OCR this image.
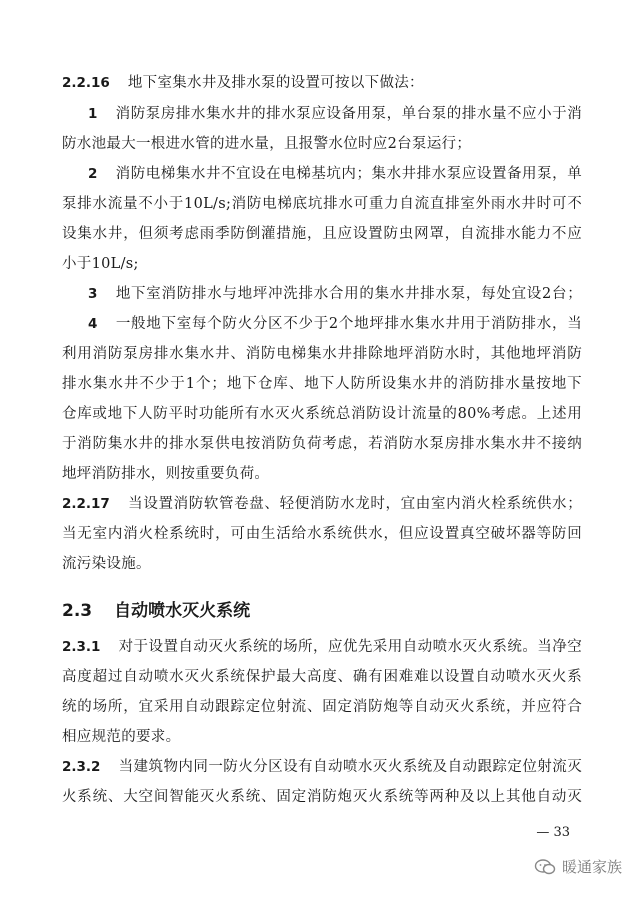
2.2.16 地下室集水井及排水泵的设置可按以下做法：
1 消防泵房排水集水井的排水泵应设备用泵，单台泵的排水量不应小于消
防水池最大一根进水管的进水量，且报警水位时应2台泵运行；
2 消防电梯集水井不宜设在电梯基坑内；集水井排水泵应设置备用泵，单
泵排水流量不小于10L/s;消防电梯底坑排水可重力自流直排室外雨水井时可不
设集水井，但须考虑雨季防倒灌措施，且应设置防虫网罩，自流排水能力不应
小于10L/s;
3 地下室消防排水与地坪冲洗排水合用的集水井排水泵，每处宜设2台；
4 一般地下室每个防火分区不少于2个地坪排水集水井用于消防排水，当
利用消防泵房排水集水井、消防电梯集水井排除地坪消防水时，其他地坪消防
排水集水井不少于1个；地下仓库、地下人防所设集水井的消防排水量按地下
仓库或地下人防平时功能所有水灭火系统总消防设计流量的80%考虑。上述用
于消防集水井的排水泵供电按消防负荷考虑，若消防水泵房排水集水井不接纳
地坪消防排水，则按重要负荷。
2.2.17 当设置消防软管卷盘、轻便消防水龙时，宜由室内消火栓系统供水；
当无室内消火栓系统时，可由生活给水系统供水，但应设置真空破坏器等防回
流污染设施。
2.3.1 对于设置自动灭火系统的场所，应优先采用自动喷水灭火系统。当净空
高度超过自动喷水灭火系统保护最大高度、确有困难难以设置自动喷水灭火系
统的场所，宜采用自动跟踪定位射流、固定消防炮等自动灭火系统，并应符合
相应规范的要求。
2.3.2 当建筑物内同一防火分区设有自动喷水灭火系统及自动跟踪定位射流灭
火系统、大空间智能灭火系统、固定消防炮灭火系统等两种及以上其他自动灭
2.3 自动喷水灭火系统
— 33
暖通家族
